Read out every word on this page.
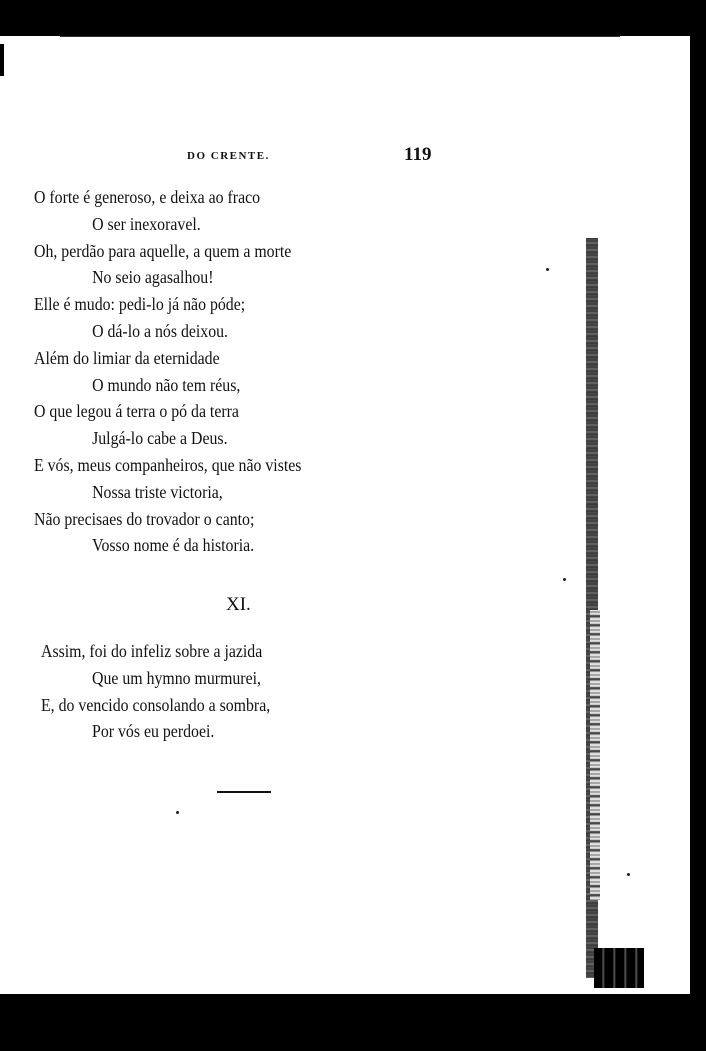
DO CRENTE.	119
O forte é generoso, e deixa ao fraco
O ser inexoravel.
Oh, perdão para aquelle, a quem a morte
No seio agasalhou!
Elle é mudo: pedi-lo já não póde;
O dá-lo a nós deixou.
Além do limiar da eternidade
O mundo não tem réus,
O que legou á terra o pó da terra
Julgá-lo cabe a Deus.
E vós, meus companheiros, que não vistes
Nossa triste victoria,
Não precisaes do trovador o canto;
Vosso nome é da historia.
XI.
Assim, foi do infeliz sobre a jazida
Que um hymno murmurei,
E, do vencido consolando a sombra,
Por vós eu perdoei.
